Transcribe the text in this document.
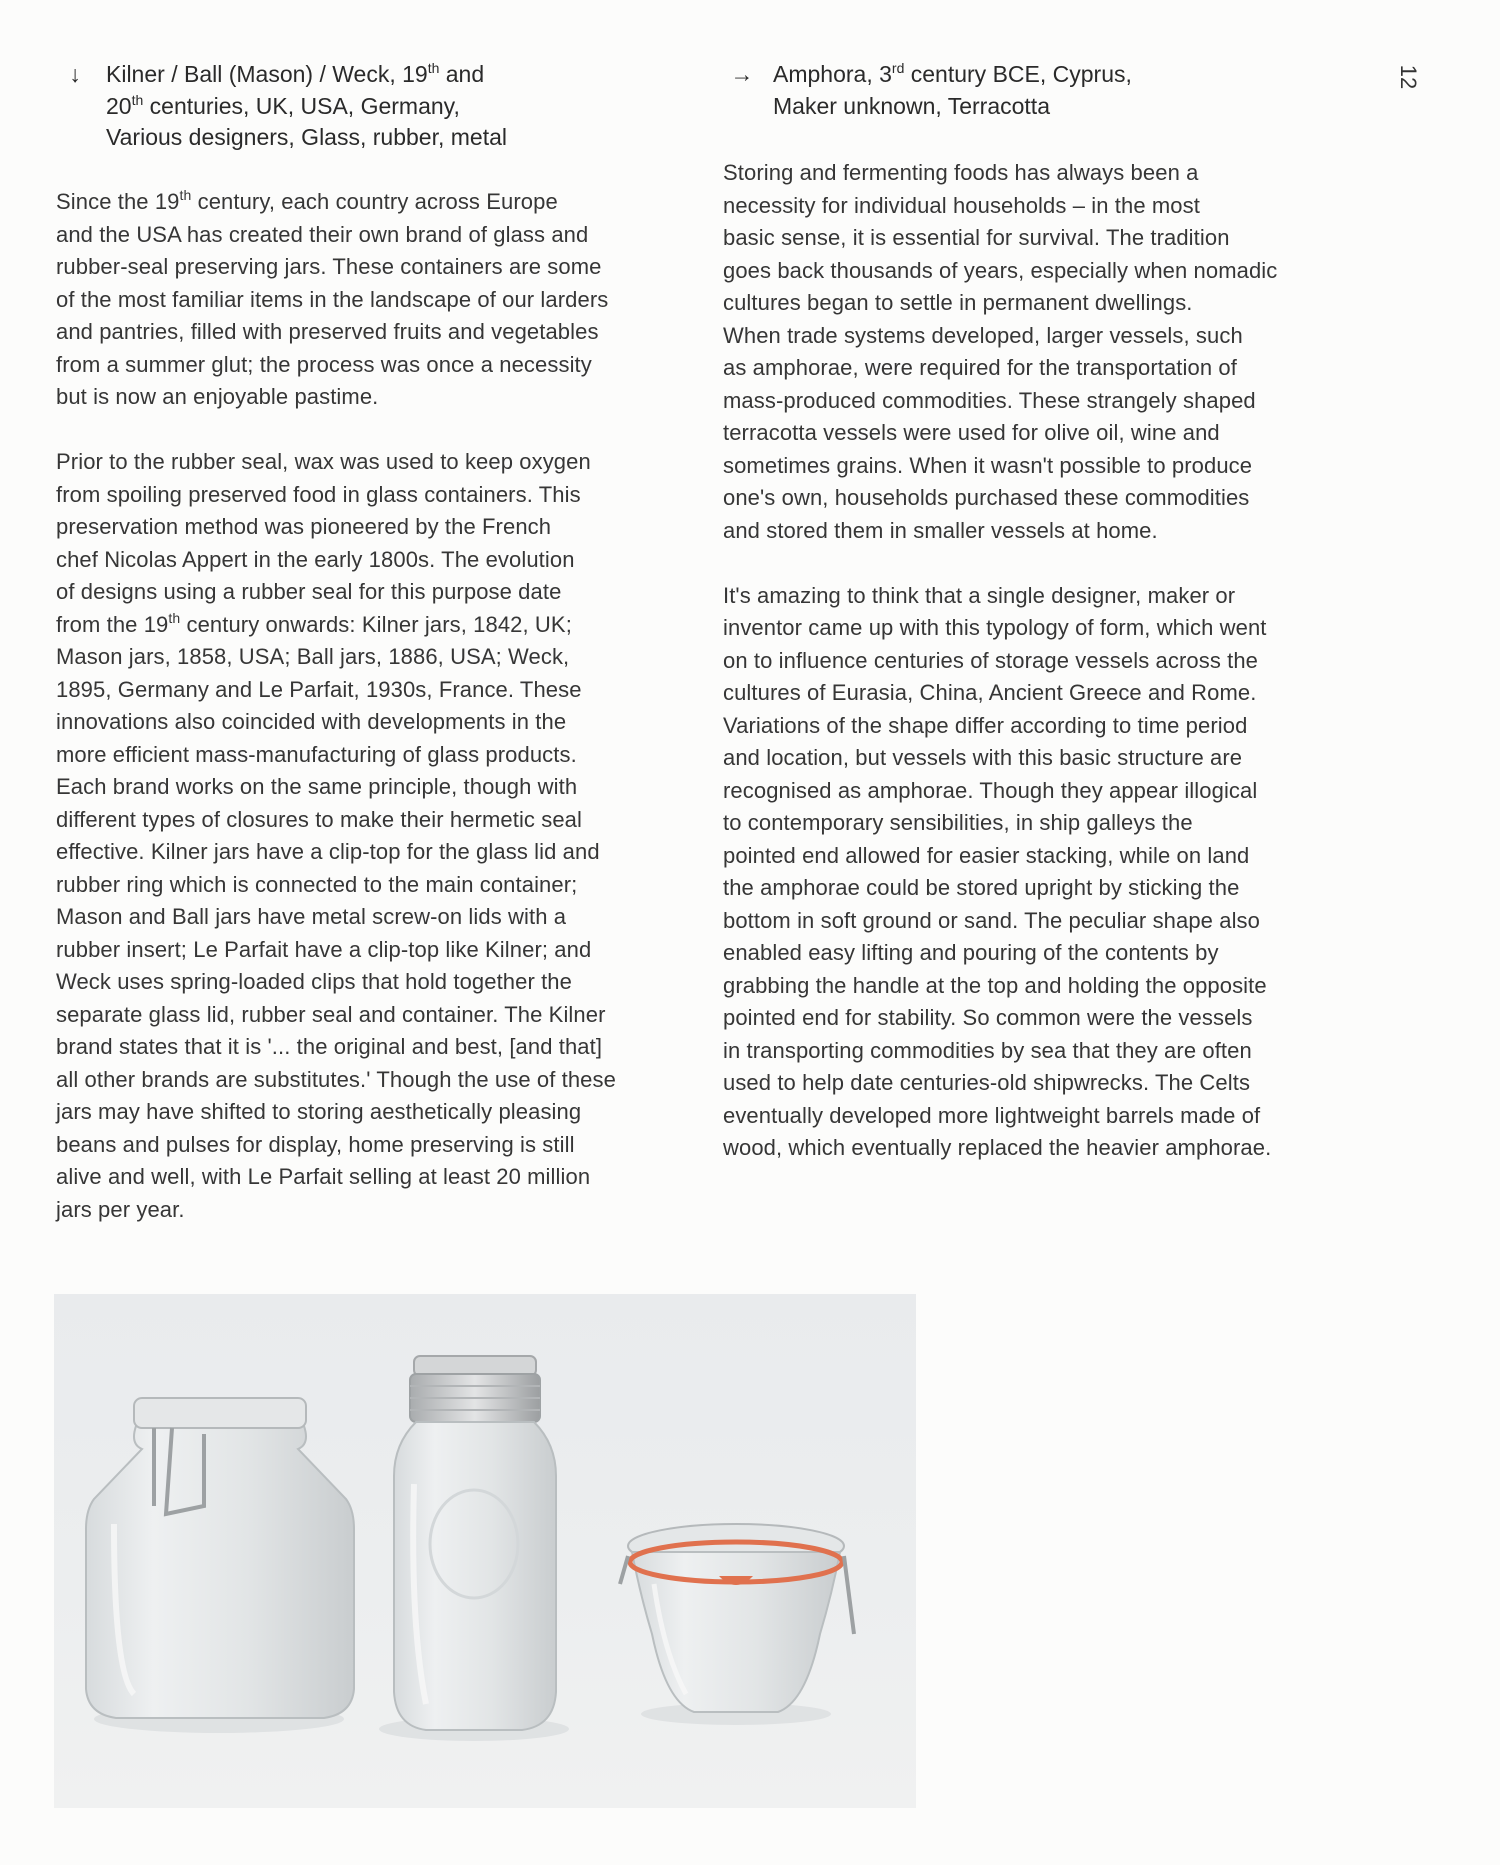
12
↓	Kilner / Ball (Mason) / Weck, 19th and
20th centuries, UK, USA, Germany,
Various designers, Glass, rubber, metal

Since the 19th century, each country across Europe
and the USA has created their own brand of glass and
rubber-seal preserving jars. These containers are some
of the most familiar items in the landscape of our larders
and pantries, filled with preserved fruits and vegetables
from a summer glut; the process was once a necessity
but is now an enjoyable pastime.

Prior to the rubber seal, wax was used to keep oxygen
from spoiling preserved food in glass containers. This
preservation method was pioneered by the French
chef Nicolas Appert in the early 1800s. The evolution
of designs using a rubber seal for this purpose date
from the 19th century onwards: Kilner jars, 1842, UK;
Mason jars, 1858, USA; Ball jars, 1886, USA; Weck,
1895, Germany and Le Parfait, 1930s, France. These
innovations also coincided with developments in the
more efficient mass-manufacturing of glass products.
Each brand works on the same principle, though with
different types of closures to make their hermetic seal
effective. Kilner jars have a clip-top for the glass lid and
rubber ring which is connected to the main container;
Mason and Ball jars have metal screw-on lids with a
rubber insert; Le Parfait have a clip-top like Kilner; and
Weck uses spring-loaded clips that hold together the
separate glass lid, rubber seal and container. The Kilner
brand states that it is '... the original and best, [and that]
all other brands are substitutes.' Though the use of these
jars may have shifted to storing aesthetically pleasing
beans and pulses for display, home preserving is still
alive and well, with Le Parfait selling at least 20 million
jars per year.

→ Amphora, 3rd century BCE, Cyprus,
Maker unknown, Terracotta

Storing and fermenting foods has always been a
necessity for individual households – in the most
basic sense, it is essential for survival. The tradition
goes back thousands of years, especially when nomadic
cultures began to settle in permanent dwellings.
When trade systems developed, larger vessels, such
as amphorae, were required for the transportation of
mass-produced commodities. These strangely shaped
terracotta vessels were used for olive oil, wine and
sometimes grains. When it wasn't possible to produce
one's own, households purchased these commodities
and stored them in smaller vessels at home.

It's amazing to think that a single designer, maker or
inventor came up with this typology of form, which went
on to influence centuries of storage vessels across the
cultures of Eurasia, China, Ancient Greece and Rome.
Variations of the shape differ according to time period
and location, but vessels with this basic structure are
recognised as amphorae. Though they appear illogical
to contemporary sensibilities, in ship galleys the
pointed end allowed for easier stacking, while on land
the amphorae could be stored upright by sticking the
bottom in soft ground or sand. The peculiar shape also
enabled easy lifting and pouring of the contents by
grabbing the handle at the top and holding the opposite
pointed end for stability. So common were the vessels
in transporting commodities by sea that they are often
used to help date centuries-old shipwrecks. The Celts
eventually developed more lightweight barrels made of
wood, which eventually replaced the heavier amphorae.
